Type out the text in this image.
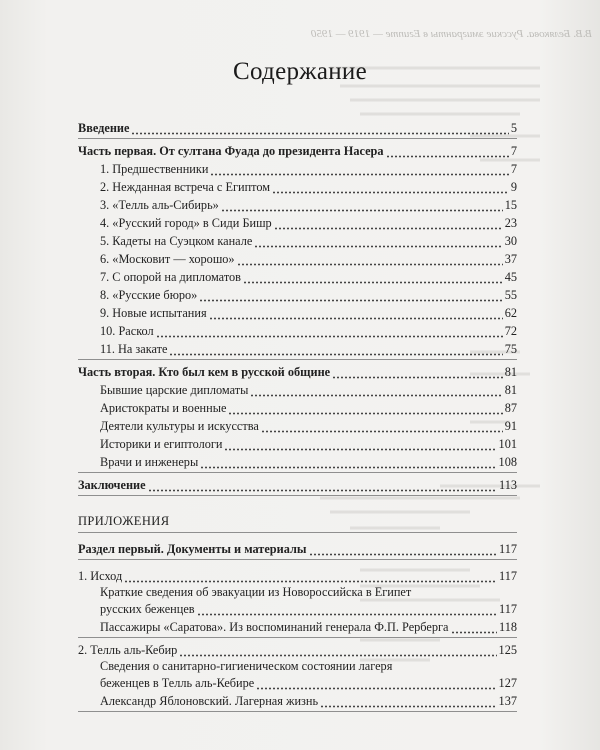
B.B. Белякова. Русские эмигранты в Египте — 1919 — 1950
Содержание
Введение	5
Часть первая. От султана Фуада до президента Насера	7
1. Предшественники	7
2. Нежданная встреча с Египтом	9
3. «Телль аль-Сибирь»	15
4. «Русский город» в Сиди Бишр	23
5. Кадеты на Суэцком канале	30
6. «Московит — хорошо»	37
7. С опорой на дипломатов	45
8. «Русские бюро»	55
9. Новые испытания	62
10. Раскол	72
11. На закате	75
Часть вторая. Кто был кем в русской общине	81
Бывшие царские дипломаты	81
Аристократы и военные	87
Деятели культуры и искусства	91
Историки и египтологи	101
Врачи и инженеры	108
Заключение	113
ПРИЛОЖЕНИЯ
Раздел первый. Документы и материалы	117
1. Исход	117
Краткие сведения об эвакуации из Новороссийска в Египет
русских беженцев	117
Пассажиры «Саратова». Из воспоминаний генерала Ф.П. Рерберга	118
2. Телль аль-Кебир	125
Сведения о санитарно-гигиеническом состоянии лагеря
беженцев в Телль аль-Кебире	127
Александр Яблоновский. Лагерная жизнь	137
